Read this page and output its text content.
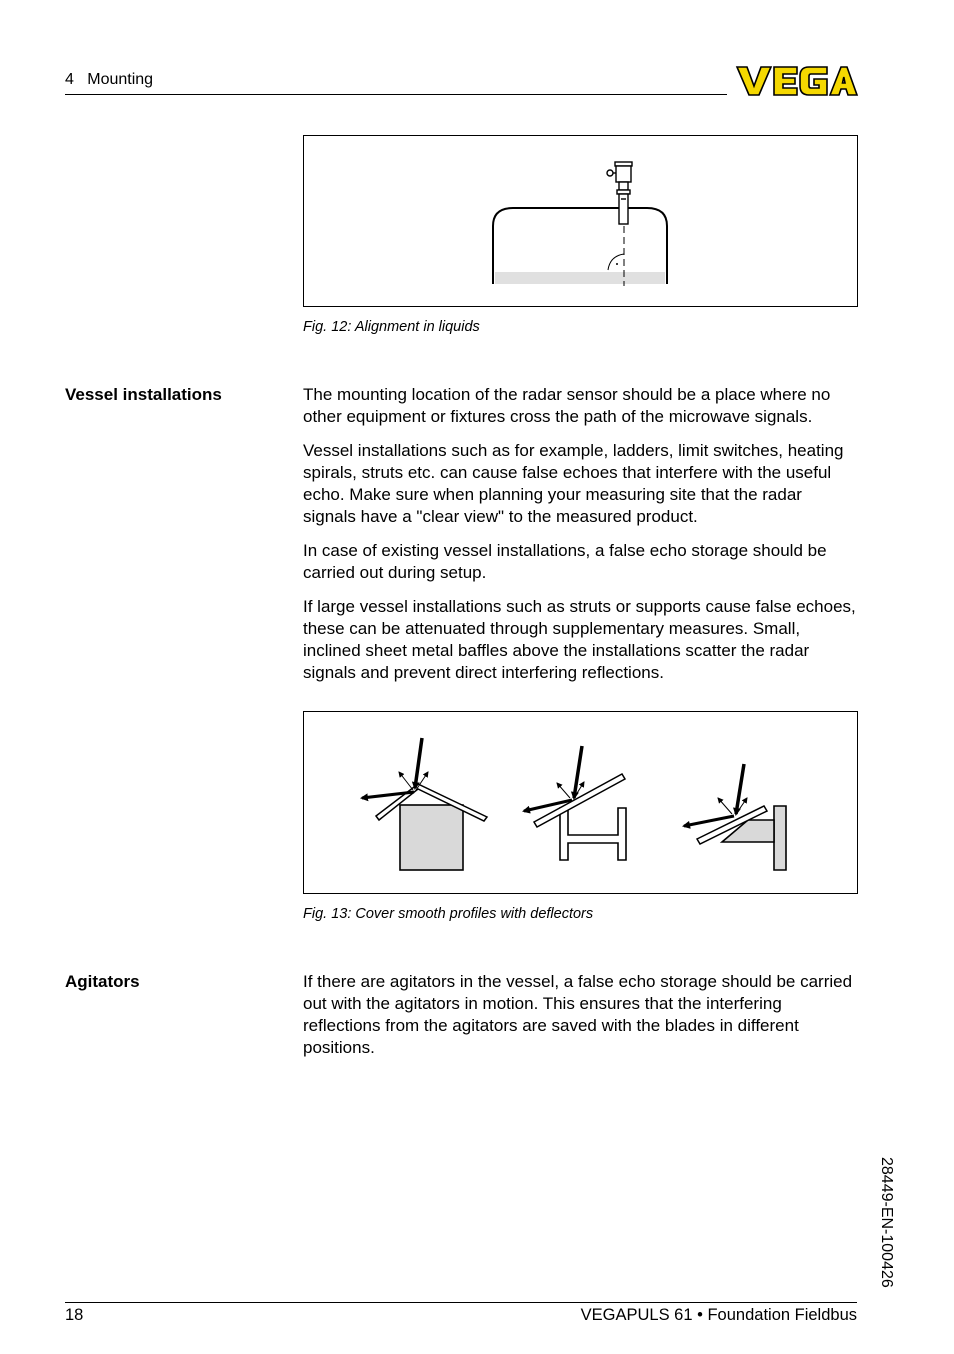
4   Mounting
Fig. 12: Alignment in liquids
Vessel installations	The mounting location of the radar sensor should be a place where no other equipment or fixtures cross the path of the microwave signals.

Vessel installations such as for example, ladders, limit switches, heating spirals, struts etc. can cause false echoes that interfere with the useful echo. Make sure when planning your measuring site that the radar signals have a "clear view" to the measured product.

In case of existing vessel installations, a false echo storage should be carried out during setup.

If large vessel installations such as struts or supports cause false echoes, these can be attenuated through supplementary measures. Small, inclined sheet metal baffles above the installations scatter the radar signals and prevent direct interfering reflections.

Fig. 13: Cover smooth profiles with deflectors
Agitators	If there are agitators in the vessel, a false echo storage should be carried out with the agitators in motion. This ensures that the interfering reflections from the agitators are saved with the blades in different positions.

28449-EN-100426
18	VEGAPULS 61 • Foundation Fieldbus
